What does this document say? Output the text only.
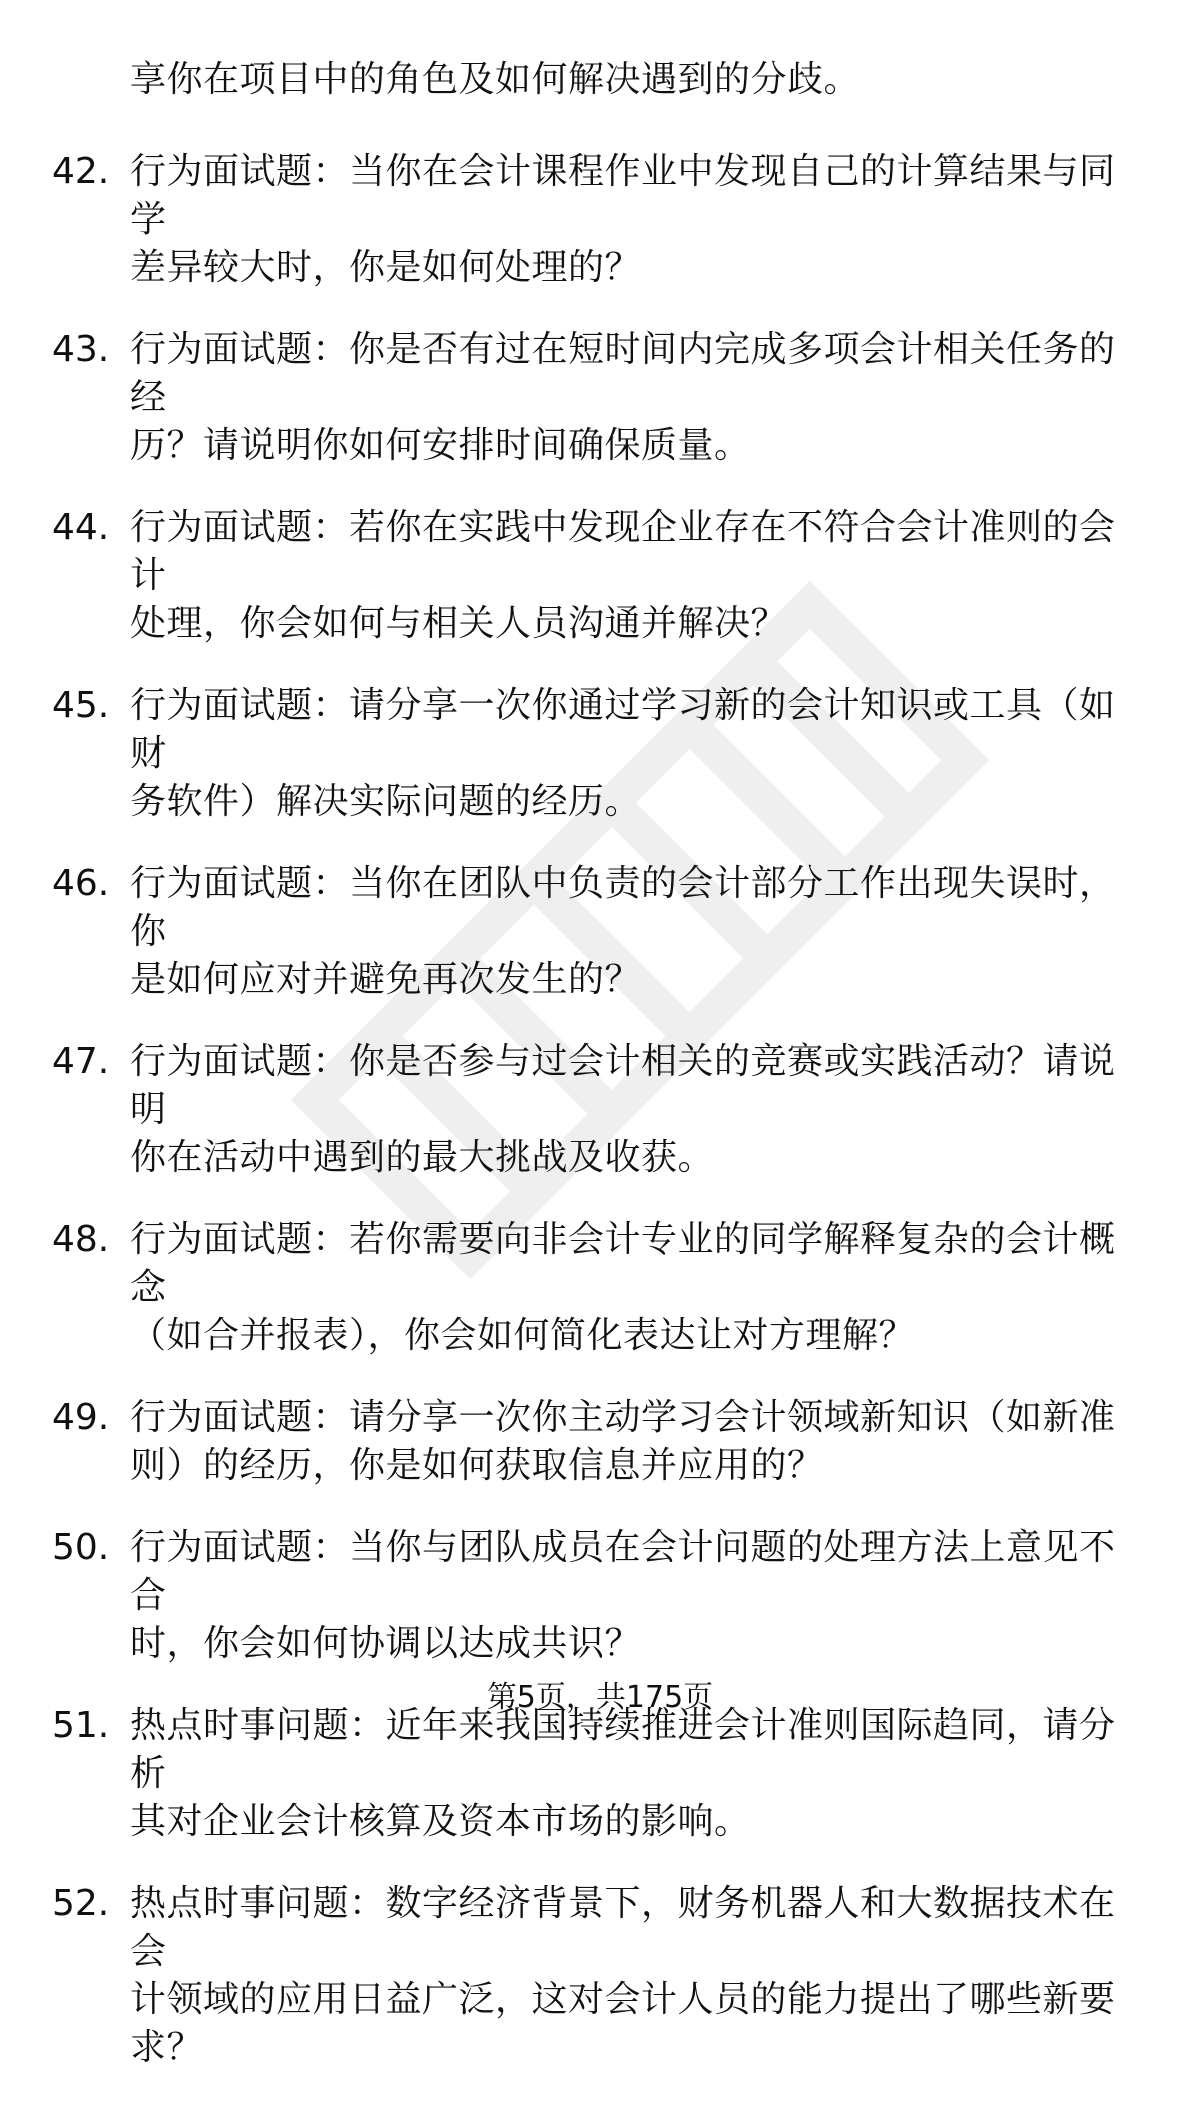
享你在项目中的角色及如何解决遇到的分歧。
42. 行为面试题：当你在会计课程作业中发现自己的计算结果与同学
差异较大时，你是如何处理的？
43. 行为面试题：你是否有过在短时间内完成多项会计相关任务的经
历？请说明你如何安排时间确保质量。
44. 行为面试题：若你在实践中发现企业存在不符合会计准则的会计
处理，你会如何与相关人员沟通并解决？
45. 行为面试题：请分享一次你通过学习新的会计知识或工具（如财
务软件）解决实际问题的经历。
46. 行为面试题：当你在团队中负责的会计部分工作出现失误时，你
是如何应对并避免再次发生的？
47. 行为面试题：你是否参与过会计相关的竞赛或实践活动？请说明
你在活动中遇到的最大挑战及收获。
48. 行为面试题：若你需要向非会计专业的同学解释复杂的会计概念
（如合并报表），你会如何简化表达让对方理解？
49. 行为面试题：请分享一次你主动学习会计领域新知识（如新准
则）的经历，你是如何获取信息并应用的？
50. 行为面试题：当你与团队成员在会计问题的处理方法上意见不合
时，你会如何协调以达成共识？
51. 热点时事问题：近年来我国持续推进会计准则国际趋同，请分析
其对企业会计核算及资本市场的影响。
52. 热点时事问题：数字经济背景下，财务机器人和大数据技术在会
计领域的应用日益广泛，这对会计人员的能力提出了哪些新要
求？
第5页，共175页
